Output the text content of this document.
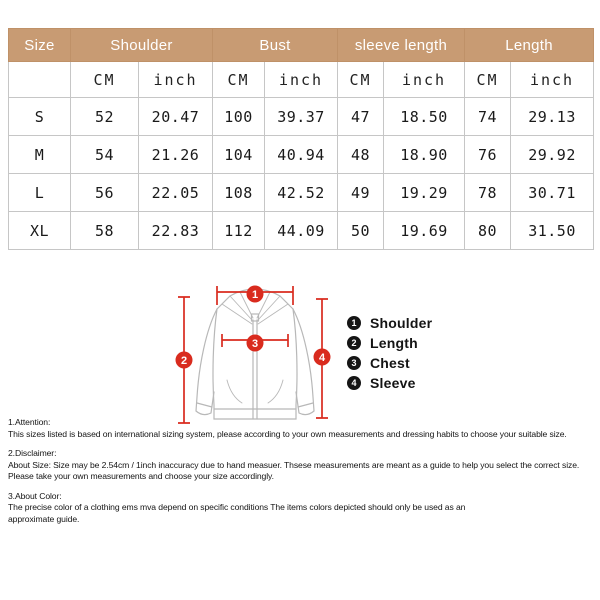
Size	Shoulder		Bust		sleeve length		Length	
	CM	inch	CM	inch	CM	inch	CM	inch
S	52	20.47	100	39.37	47	18.50	74	29.13
M	54	21.26	104	40.94	48	18.90	76	29.92
L	56	22.05	108	42.52	49	19.29	78	30.71
XL	58	22.83	112	44.09	50	19.69	80	31.50
1
2
3
4
1 Shoulder
2 Length
3 Chest
4 Sleeve

1.Attention:

This sizes listed is based on international sizing system, please according to your own measurements and dressing habits to choose your suitable size.

2.Disclaimer:

About Size: Size may be 2.54cm / 1inch inaccuracy due to hand measuer. Thsese measurements are meant as a guide to help you select the correct size. Please take your own measurements and choose your size accordingly.

3.About Color:

The precise color of a clothing ems mva depend on specific conditions The items colors depicted should only be used as an approximate guide.
